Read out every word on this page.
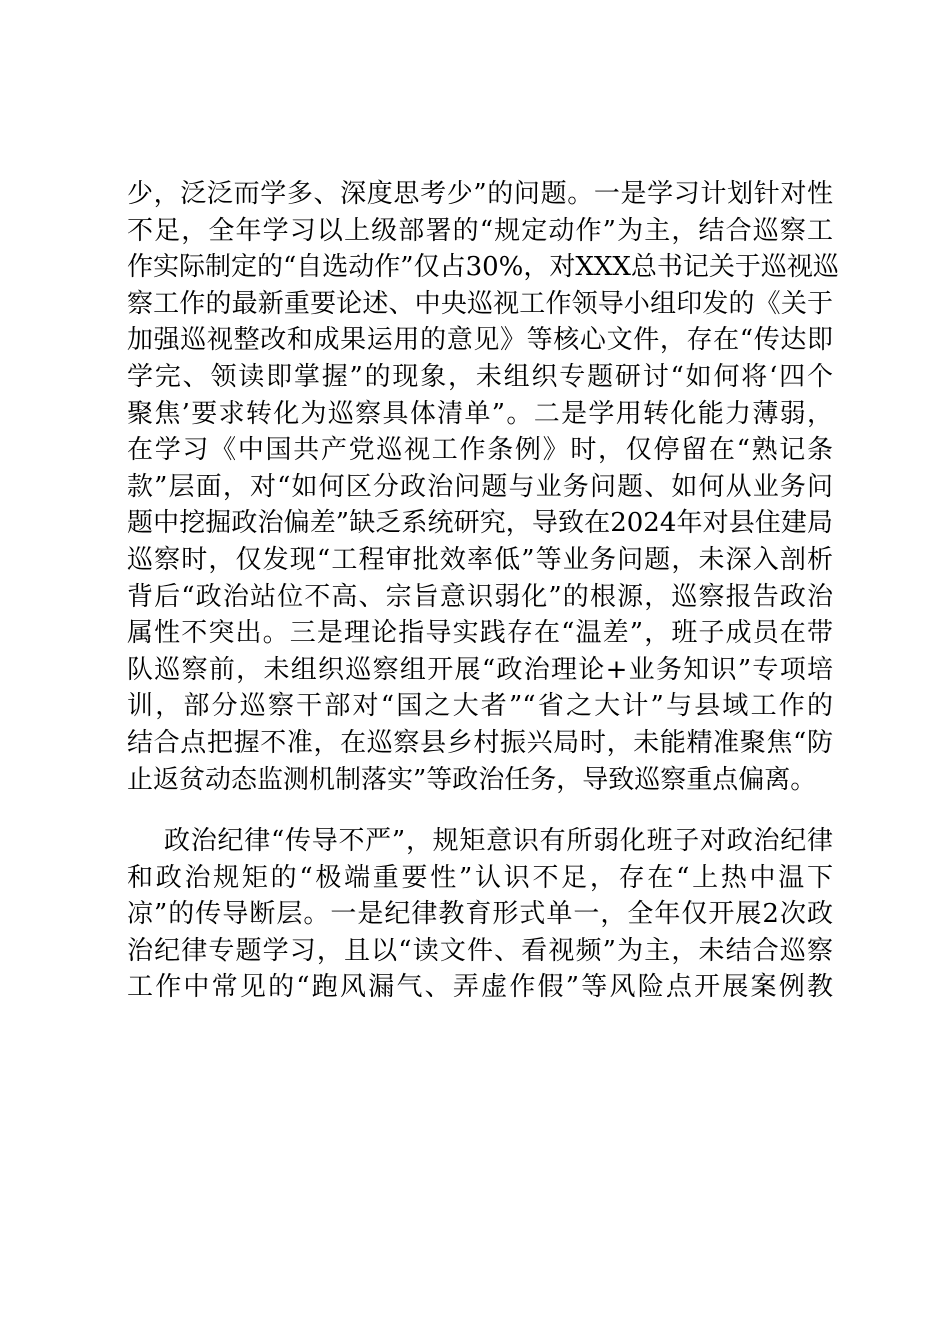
少，泛泛而学多、深度思考少”的问题。一是学习计划针对性
不足，全年学习以上级部署的“规定动作”为主，结合巡察工
作实际制定的“自选动作”仅占30%，对XXX总书记关于巡视巡
察工作的最新重要论述、中央巡视工作领导小组印发的《关于
加强巡视整改和成果运用的意见》等核心文件，存在“传达即
学完、领读即掌握”的现象，未组织专题研讨“如何将‘四个
聚焦’要求转化为巡察具体清单”。二是学用转化能力薄弱，
在学习《中国共产党巡视工作条例》时，仅停留在“熟记条
款”层面，对“如何区分政治问题与业务问题、如何从业务问
题中挖掘政治偏差”缺乏系统研究，导致在2024年对县住建局
巡察时，仅发现“工程审批效率低”等业务问题，未深入剖析
背后“政治站位不高、宗旨意识弱化”的根源，巡察报告政治
属性不突出。三是理论指导实践存在“温差”，班子成员在带
队巡察前，未组织巡察组开展“政治理论+业务知识”专项培
训，部分巡察干部对“国之大者”“省之大计”与县域工作的
结合点把握不准，在巡察县乡村振兴局时，未能精准聚焦“防
止返贫动态监测机制落实”等政治任务，导致巡察重点偏离。
政治纪律“传导不严”，规矩意识有所弱化班子对政治纪律
和政治规矩的“极端重要性”认识不足，存在“上热中温下
凉”的传导断层。一是纪律教育形式单一，全年仅开展2次政
治纪律专题学习，且以“读文件、看视频”为主，未结合巡察
工作中常见的“跑风漏气、弄虚作假”等风险点开展案例教
